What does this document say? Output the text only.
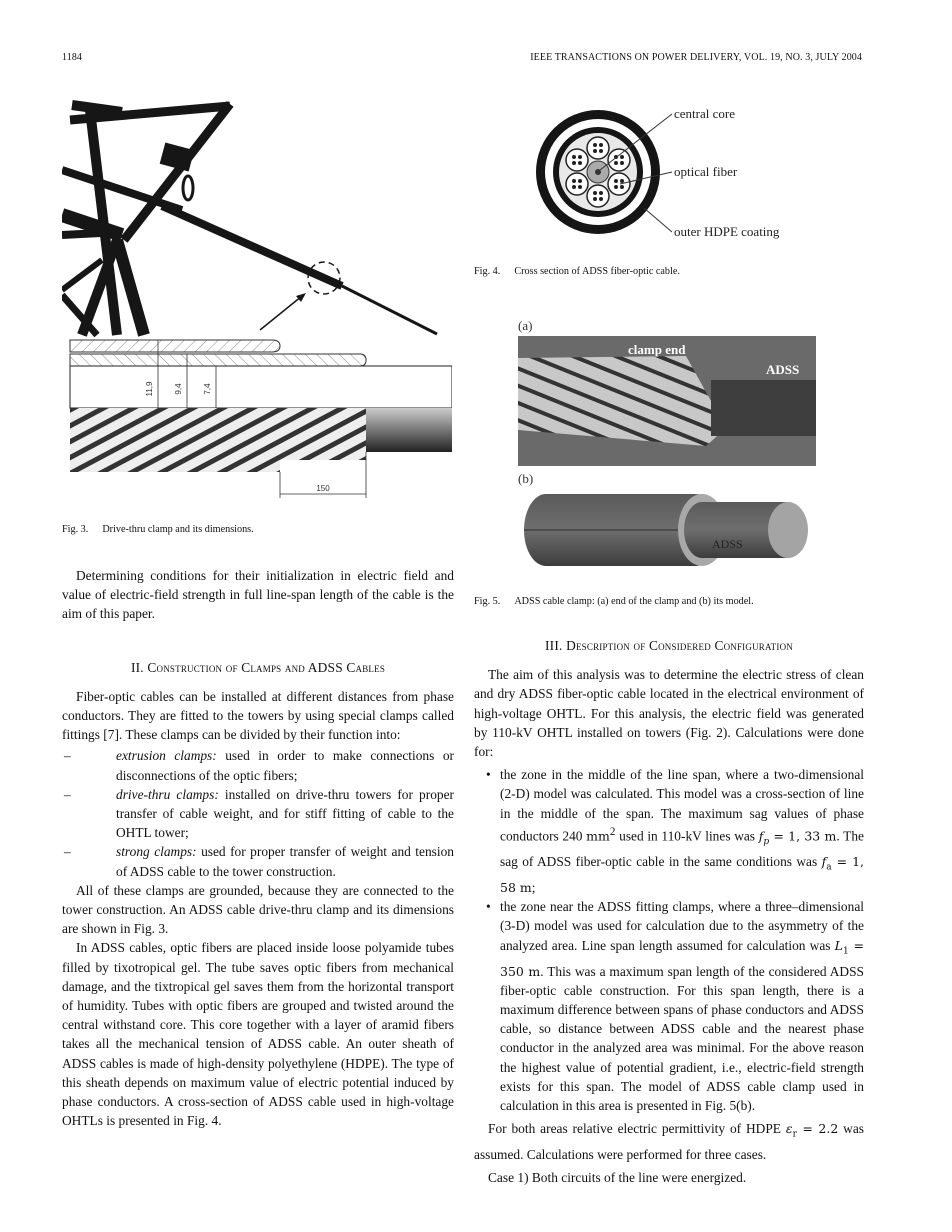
1184	IEEE TRANSACTIONS ON POWER DELIVERY, VOL. 19, NO. 3, JULY 2004
11,9	9,4	7,4
150
Fig. 3. Drive-thru clamp and its dimensions.
central core
optical fiber
outer HDPE coating
Fig. 4. Cross section of ADSS fiber-optic cable.
(a)
clamp end
ADSS
(b)
ADSS
Fig. 5. ADSS cable clamp: (a) end of the clamp and (b) its model.

Determining conditions for their initialization in electric field and value of electric-field strength in full line-span length of the cable is the aim of this paper.

II. Construction of Clamps and ADSS Cables

Fiber-optic cables can be installed at different distances from phase conductors. They are fitted to the towers by using special clamps called fittings [7]. These clamps can be divided by their function into:

–	extrusion clamps: used in order to make connections or disconnections of the optic fibers;
–	drive-thru clamps: installed on drive-thru towers for proper transfer of cable weight, and for stiff fitting of cable to the OHTL tower;
–	strong clamps: used for proper transfer of weight and tension of ADSS cable to the tower construction.

All of these clamps are grounded, because they are connected to the tower construction. An ADSS cable drive-thru clamp and its dimensions are shown in Fig. 3.

In ADSS cables, optic fibers are placed inside loose polyamide tubes filled by tixotropical gel. The tube saves optic fibers from mechanical damage, and the tixtropical gel saves them from the horizontal transport of humidity. Tubes with optic fibers are grouped and twisted around the central withstand core. This core together with a layer of aramid fibers takes all the mechanical tension of ADSS cable. An outer sheath of ADSS cables is made of high-density polyethylene (HDPE). The type of this sheath depends on maximum value of electric potential induced by phase conductors. A cross-section of ADSS cable used in high-voltage OHTLs is presented in Fig. 4.

III. Description of Considered Configuration

The aim of this analysis was to determine the electric stress of clean and dry ADSS fiber-optic cable located in the electrical environment of high-voltage OHTL. For this analysis, the electric field was generated by 110-kV OHTL installed on towers (Fig. 2). Calculations were done for:

• the zone in the middle of the line span, where a two-dimensional (2-D) model was calculated. This model was a cross-section of line in the middle of the span. The maximum sag values of phase conductors 240 $mm^2$ used in 110-kV lines was $f_p = 1$, 33 m. The sag of ADSS fiber-optic cable in the same conditions was $f_a = 1$, 58 m;
• the zone near the ADSS fitting clamps, where a three–dimensional (3-D) model was used for calculation due to the asymmetry of the analyzed area. Line span length assumed for calculation was $L_1 = 350$ m. This was a maximum span length of the considered ADSS fiber-optic cable construction. For this span length, there is a maximum difference between spans of phase conductors and ADSS cable, so distance between ADSS cable and the nearest phase conductor in the analyzed area was minimal. For the above reason the highest value of potential gradient, i.e., electric-field strength exists for this span. The model of ADSS cable clamp used in calculation in this area is presented in Fig. 5(b).

For both areas relative electric permittivity of HDPE $\varepsilon_r = 2.2$ was assumed. Calculations were performed for three cases.

Case 1) Both circuits of the line were energized.
